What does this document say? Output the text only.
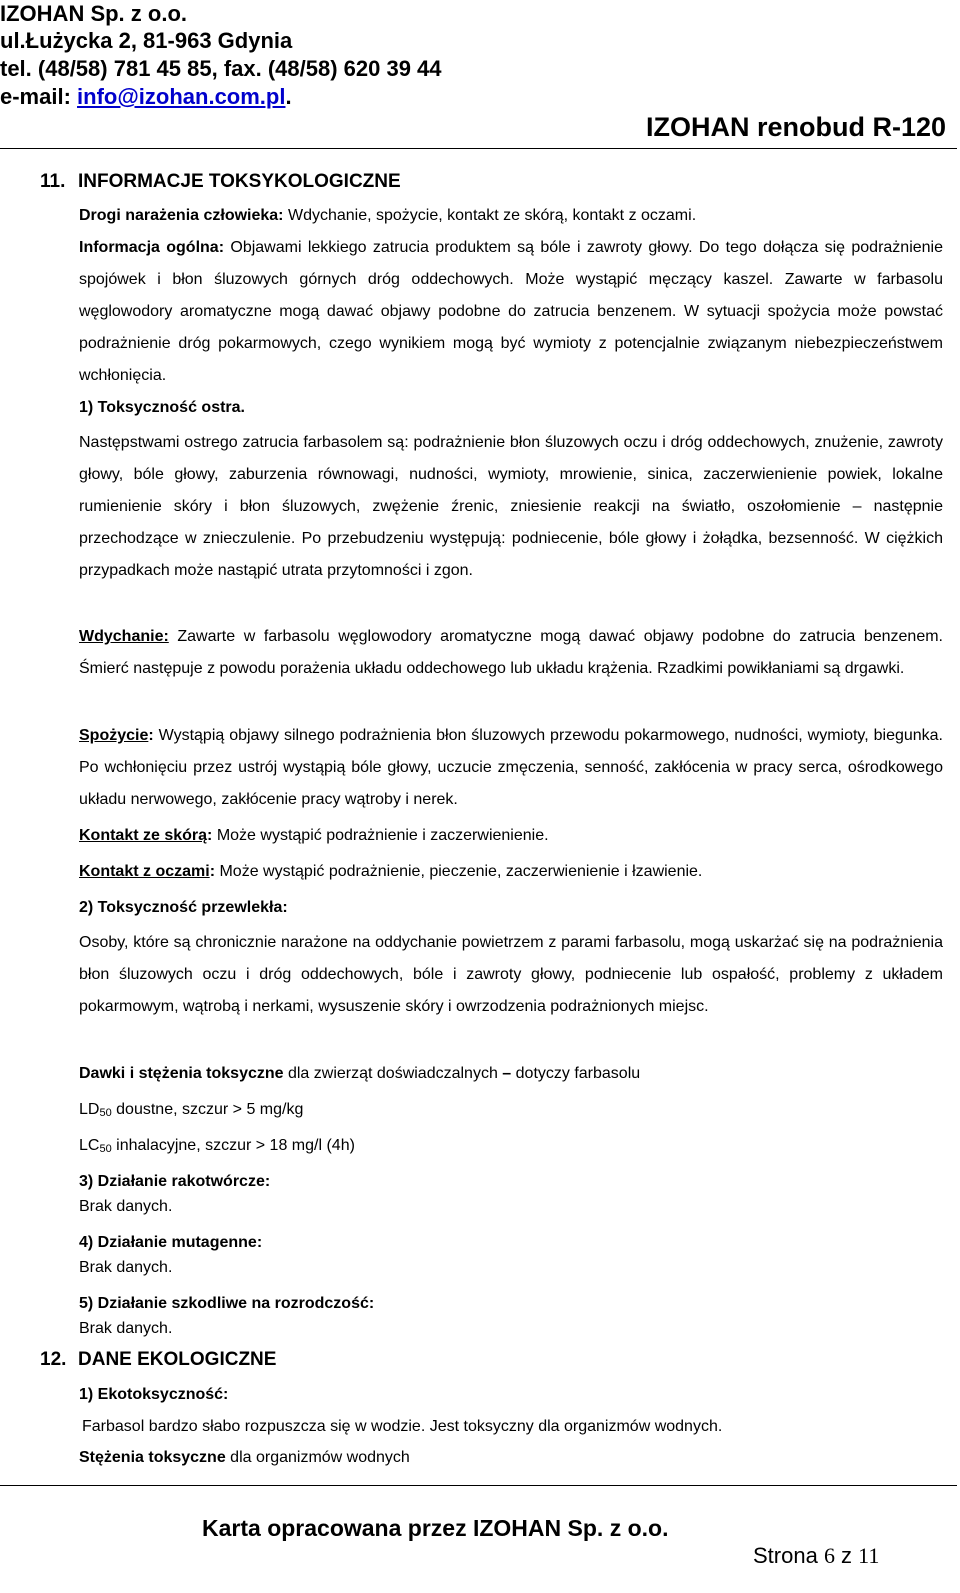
IZOHAN Sp. z o.o.
ul.Łużycka 2, 81-963 Gdynia
tel. (48/58) 781 45 85, fax. (48/58) 620 39 44
e-mail: info@izohan.com.pl.
IZOHAN renobud R-120
11. INFORMACJE TOKSYKOLOGICZNE
Drogi narażenia człowieka: Wdychanie, spożycie, kontakt ze skórą, kontakt z oczami.
Informacja ogólna: Objawami lekkiego zatrucia produktem są bóle i zawroty głowy. Do tego dołącza się podrażnienie spojówek i błon śluzowych górnych dróg oddechowych. Może wystąpić męczący kaszel. Zawarte w farbasolu węglowodory aromatyczne mogą dawać objawy podobne do zatrucia benzenem. W sytuacji spożycia może powstać podrażnienie dróg pokarmowych, czego wynikiem mogą być wymioty z potencjalnie związanym niebezpieczeństwem wchłonięcia.
1) Toksyczność ostra.
Następstwami ostrego zatrucia farbasolem są: podrażnienie błon śluzowych oczu i dróg oddechowych, znużenie, zawroty głowy, bóle głowy, zaburzenia równowagi, nudności, wymioty, mrowienie, sinica, zaczerwienienie powiek, lokalne rumienienie skóry i błon śluzowych, zwężenie źrenic, zniesienie reakcji na światło, oszołomienie – następnie przechodzące w znieczulenie. Po przebudzeniu występują: podniecenie, bóle głowy i żołądka, bezsenność. W ciężkich przypadkach może nastąpić utrata przytomności i zgon.
Wdychanie: Zawarte w farbasolu węglowodory aromatyczne mogą dawać objawy podobne do zatrucia benzenem. Śmierć następuje z powodu porażenia układu oddechowego lub układu krążenia. Rzadkimi powikłaniami są drgawki.
Spożycie: Wystąpią objawy silnego podrażnienia błon śluzowych przewodu pokarmowego, nudności, wymioty, biegunka. Po wchłonięciu przez ustrój wystąpią bóle głowy, uczucie zmęczenia, senność, zakłócenia w pracy serca, ośrodkowego układu nerwowego, zakłócenie pracy wątroby i nerek.
Kontakt ze skórą: Może wystąpić podrażnienie i zaczerwienienie.
Kontakt z oczami: Może wystąpić podrażnienie, pieczenie, zaczerwienienie i łzawienie.
2) Toksyczność przewlekła:
Osoby, które są chronicznie narażone na oddychanie powietrzem z parami farbasolu, mogą uskarżać się na podrażnienia błon śluzowych oczu i dróg oddechowych, bóle i zawroty głowy, podniecenie lub ospałość, problemy z układem pokarmowym, wątrobą i nerkami, wysuszenie skóry i owrzodzenia podrażnionych miejsc.
Dawki i stężenia toksyczne dla zwierząt doświadczalnych – dotyczy farbasolu
$LD_{50}$ doustne, szczur > 5 mg/kg
$LC_{50}$ inhalacyjne, szczur > 18 mg/l (4h)
3) Działanie rakotwórcze:
Brak danych.
4) Działanie mutagenne:
Brak danych.
5) Działanie szkodliwe na rozrodczość:
Brak danych.
12. DANE EKOLOGICZNE
1) Ekotoksyczność:
Farbasol bardzo słabo rozpuszcza się w wodzie. Jest toksyczny dla organizmów wodnych.
Stężenia toksyczne dla organizmów wodnych
Karta opracowana przez IZOHAN Sp. z o.o.
Strona 6 z 11
